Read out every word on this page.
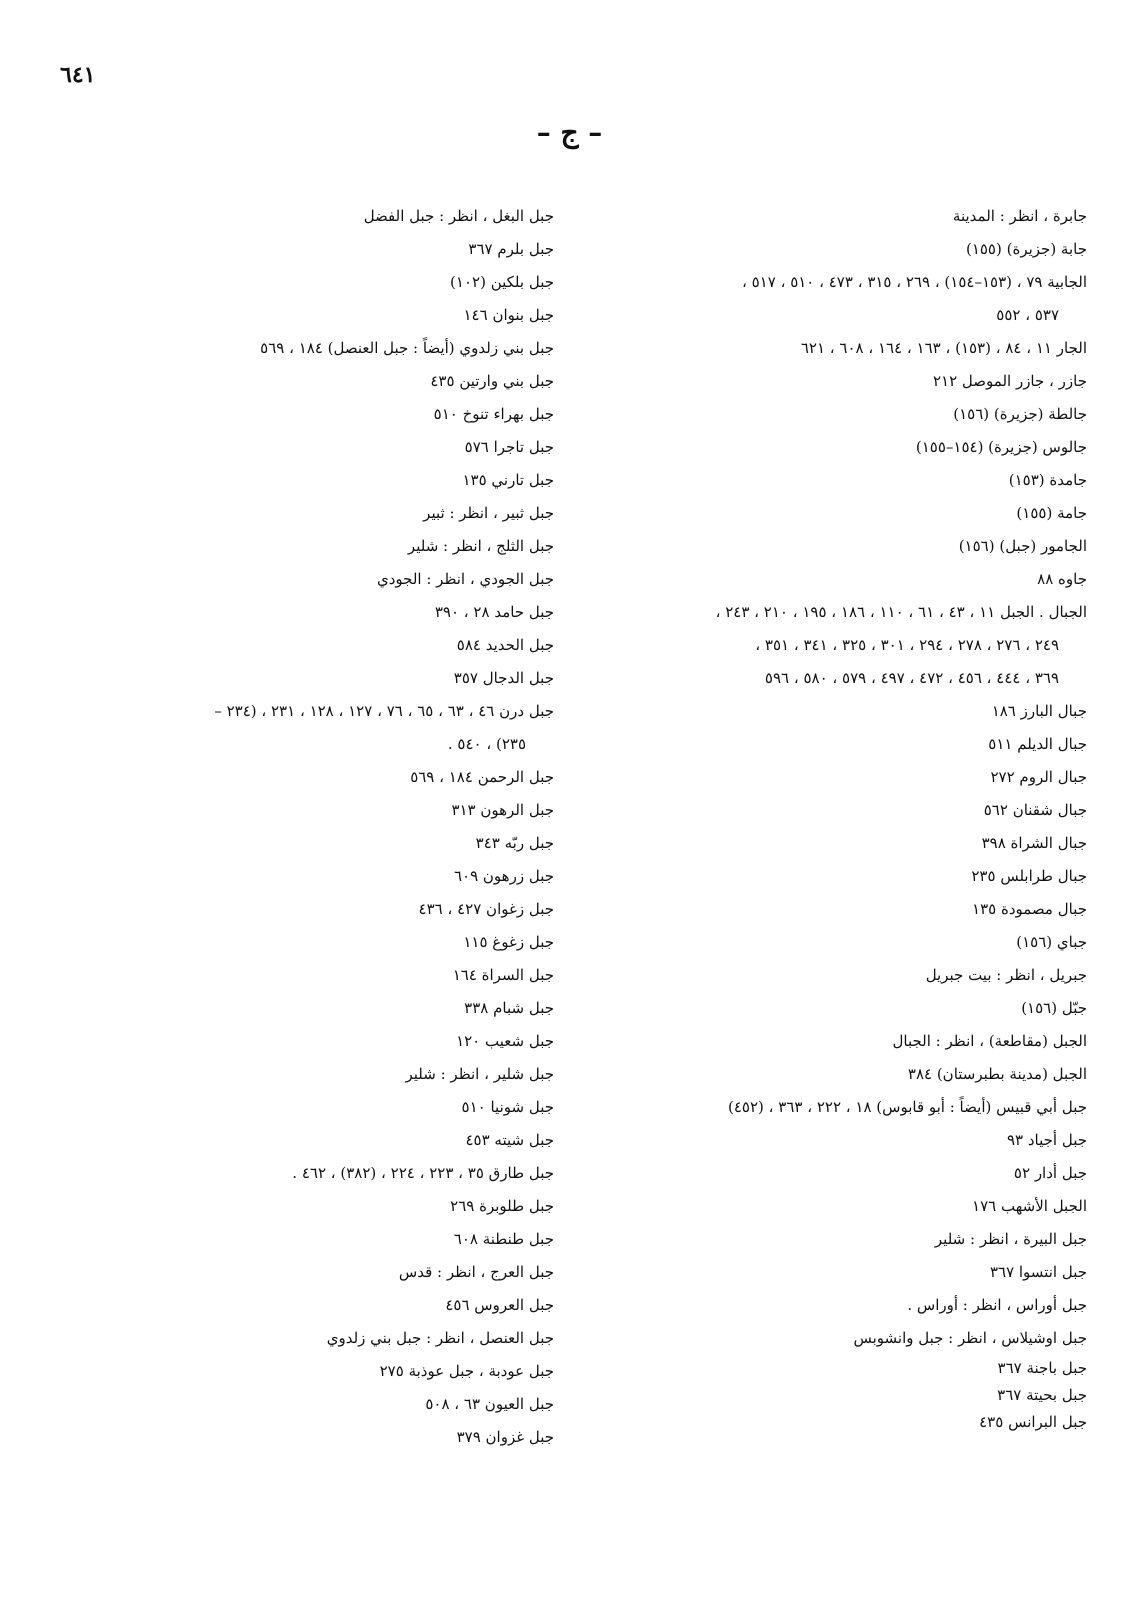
٦٤١
– ج –
جابرة ، انظر : المدينة
جابة (جزيرة) (١٥٥)
الجابية ٧٩ ، (١٥٣–١٥٤) ، ٢٦٩ ، ٣١٥ ، ٤٧٣ ، ٥١٠ ، ٥١٧ ،
٥٣٧ ، ٥٥٢
الجار ١١ ، ٨٤ ، (١٥٣) ، ١٦٣ ، ١٦٤ ، ٦٠٨ ، ٦٢١
جازر ، جازر الموصل ٢١٢
جالطة (جزيرة) (١٥٦)
جالوس (جزيرة) (١٥٤–١٥٥)
جامدة (١٥٣)
جامة (١٥٥)
الجامور (جبل) (١٥٦)
جاوه ٨٨
الجبال . الجبل ١١ ، ٤٣ ، ٦١ ، ١١٠ ، ١٨٦ ، ١٩٥ ، ٢١٠ ، ٢٤٣ ،
٢٤٩ ، ٢٧٦ ، ٢٧٨ ، ٢٩٤ ، ٣٠١ ، ٣٢٥ ، ٣٤١ ، ٣٥١ ،
٣٦٩ ، ٤٤٤ ، ٤٥٦ ، ٤٧٢ ، ٤٩٧ ، ٥٧٩ ، ٥٨٠ ، ٥٩٦
جبال البارز ١٨٦
جبال الديلم ٥١١
جبال الروم ٢٧٢
جبال شقنان ٥٦٢
جبال الشراة ٣٩٨
جبال طرابلس ٢٣٥
جبال مصمودة ١٣٥
جباي (١٥٦)
جبريل ، انظر : بيت جبريل
جبّل (١٥٦)
الجبل (مقاطعة) ، انظر : الجبال
الجبل (مدينة بطبرستان) ٣٨٤
جبل أبي قبيس (أيضاً : أبو قابوس) ١٨ ، ٢٢٢ ، ٣٦٣ ، (٤٥٢)
جبل أجياد ٩٣
جبل أدار ٥٢
الجبل الأشهب ١٧٦
جبل البيرة ، انظر : شلير
جبل انتسوا ٣٦٧
جبل أوراس ، انظر : أوراس .
جبل اوشيلاس ، انظر : جبل وانشوبس
جبل باجنة ٣٦٧
جبل بحيتة ٣٦٧
جبل البرانس ٤٣٥
جبل البغل ، انظر : جبل الفضل
جبل بلرم ٣٦٧
جبل بلكين (١٠٢)
جبل بنوان ١٤٦
جبل بني زلدوي (أيضاً : جبل العنصل) ١٨٤ ، ٥٦٩
جبل بني وارتين ٤٣٥
جبل بهراء تنوخ ٥١٠
جبل تاجرا ٥٧٦
جبل تارني ١٣٥
جبل ثبير ، انظر : ثبير
جبل الثلج ، انظر : شلير
جبل الجودي ، انظر : الجودي
جبل حامد ٢٨ ، ٣٩٠
جبل الحديد ٥٨٤
جبل الدجال ٣٥٧
جبل درن ٤٦ ، ٦٣ ، ٦٥ ، ٧٦ ، ١٢٧ ، ١٢٨ ، ٢٣١ ، (٢٣٤ –
٢٣٥) ، ٥٤٠ .
جبل الرحمن ١٨٤ ، ٥٦٩
جبل الرهون ٣١٣
جبل ربّه ٣٤٣
جبل زرهون ٦٠٩
جبل زغوان ٤٢٧ ، ٤٣٦
جبل زغوغ ١١٥
جبل السراة ١٦٤
جبل شبام ٣٣٨
جبل شعيب ١٢٠
جبل شلير ، انظر : شلير
جبل شونيا ٥١٠
جبل شيته ٤٥٣
جبل طارق ٣٥ ، ٢٢٣ ، ٢٢٤ ، (٣٨٢) ، ٤٦٢ .
جبل طلوبرة ٢٦٩
جبل طنطنة ٦٠٨
جبل العرج ، انظر : قدس
جبل العروس ٤٥٦
جبل العنصل ، انظر : جبل بني زلدوي
جبل عودبة ، جبل عوذبة ٢٧٥
جبل العيون ٦٣ ، ٥٠٨
جبل غزوان ٣٧٩
